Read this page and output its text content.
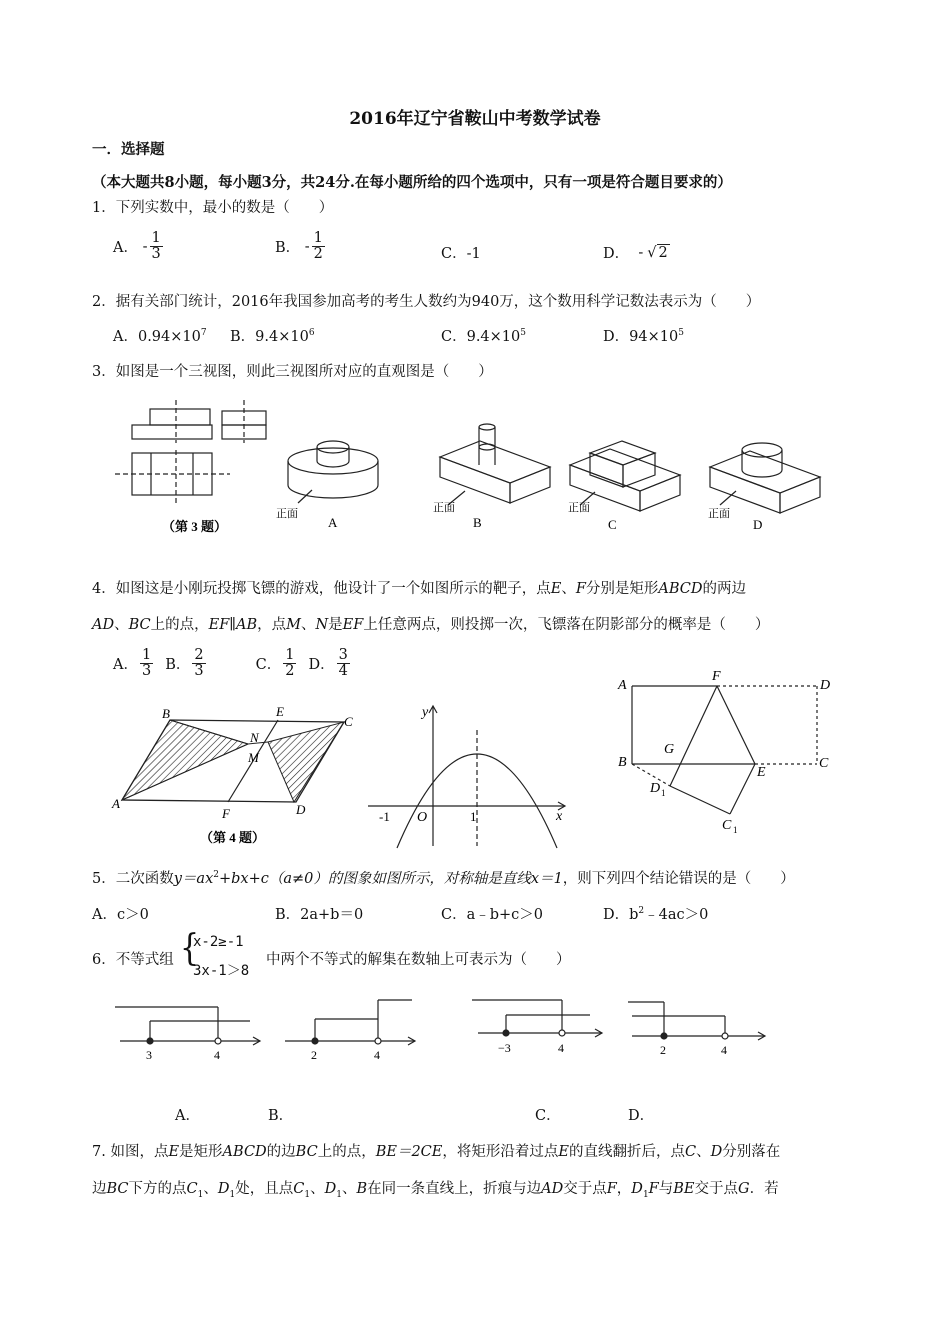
2016年辽宁省鞍山中考数学试卷
一．选择题
（本大题共8小题，每小题3分，共24分.在每小题所给的四个选项中，只有一项是符合题目要求的）
1．下列实数中，最小的数是（　　）
A．
- $\frac{1}{3}$	B．
- $\frac{1}{2}$	C．-1	D．
- √ 2
2．据有关部门统计，2016年我国参加高考的考生人数约为940万，这个数用科学记数法表示为（　　）
A．$0.94\times 10^7$ B．$9.4\times 10^6$	C．$9.4\times 10^5$	D．$94\times 10^5$
3．如图是一个三视图，则此三视图所对应的直观图是（　　）
（第 3 题）
正面
A
正面
B
正面
C
正面
D
4．如图这是小刚玩投掷飞镖的游戏，他设计了一个如图所示的靶子，点E、F分别是矩形ABCD的两边
AD、BC上的点，EF∥AB，点M、N是EF上任意两点，则投掷一次，飞镖落在阴影部分的概率是（　　）
A． $\frac{1}{3}$ B． $\frac{2}{3}$	C． $\frac{1}{2}$ D． $\frac{3}{4}$
B	E
C
N
M
A
F	D
（第 4 题）
y
x
O
-1	1
A
F
D
B
G
E
C
D 1
C 1
5．二次函数$y=ax^2+bx+c(a\ne 0)$的图象如图所示，对称轴是直线x＝1，则下列四个结论错误的是（　　）
A．c＞0	B．2a+b＝0	C．a﹣b+c＞0	D．$b^2﹣4ac>0$
6．不等式组 {
x-2≥-1
3x-1＞8
中两个不等式的解集在数轴上可表示为（　　）
3	4	2	4	−3	4	2	4
A．	B．	C．	D．
7. 如图，点E是矩形ABCD的边BC上的点，BE＝2CE，将矩形沿着过点E的直线翻折后，点C、D分别落在
边BC下方的点$C_1$、$D_1$处，且点$C_1$、$D_1$、B在同一条直线上，折痕与边AD交于点F，$D_1F$与BE交于点G．若
